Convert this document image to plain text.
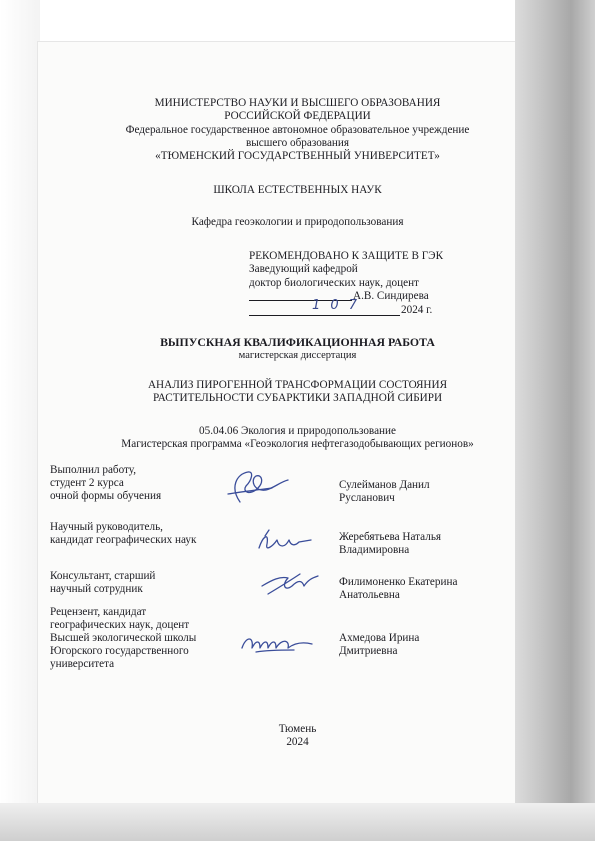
МИНИСТЕРСТВО НАУКИ И ВЫСШЕГО ОБРАЗОВАНИЯ
РОССИЙСКОЙ ФЕДЕРАЦИИ
Федеральное государственное автономное образовательное учреждение
высшего образования
«ТЮМЕНСКИЙ ГОСУДАРСТВЕННЫЙ УНИВЕРСИТЕТ»
ШКОЛА ЕСТЕСТВЕННЫХ НАУК
Кафедра геоэкологии и природопользования
РЕКОМЕНДОВАНО К ЗАЩИТЕ В ГЭК
Заведующий кафедрой
доктор биологических наук, доцент
А.В. Синдирева
1 0 7	2024 г.
ВЫПУСКНАЯ КВАЛИФИКАЦИОННАЯ РАБОТА
магистерская диссертация
АНАЛИЗ ПИРОГЕННОЙ ТРАНСФОРМАЦИИ СОСТОЯНИЯ
РАСТИТЕЛЬНОСТИ СУБАРКТИКИ ЗАПАДНОЙ СИБИРИ
05.04.06 Экология и природопользование
Магистерская программа «Геоэкология нефтегазодобывающих регионов»
Выполнил работу,
студент 2 курса
очной формы обучения
Сулейманов Данил
Русланович
Научный руководитель,
кандидат географических наук	Жеребятьева Наталья
Владимировна
Консультант, старший
научный сотрудник
Филимоненко Екатерина
Анатольевна
Рецензент, кандидат
географических наук, доцент
Высшей экологической школы
Югорского государственного
университета
Ахмедова Ирина
Дмитриевна
Тюмень
2024
